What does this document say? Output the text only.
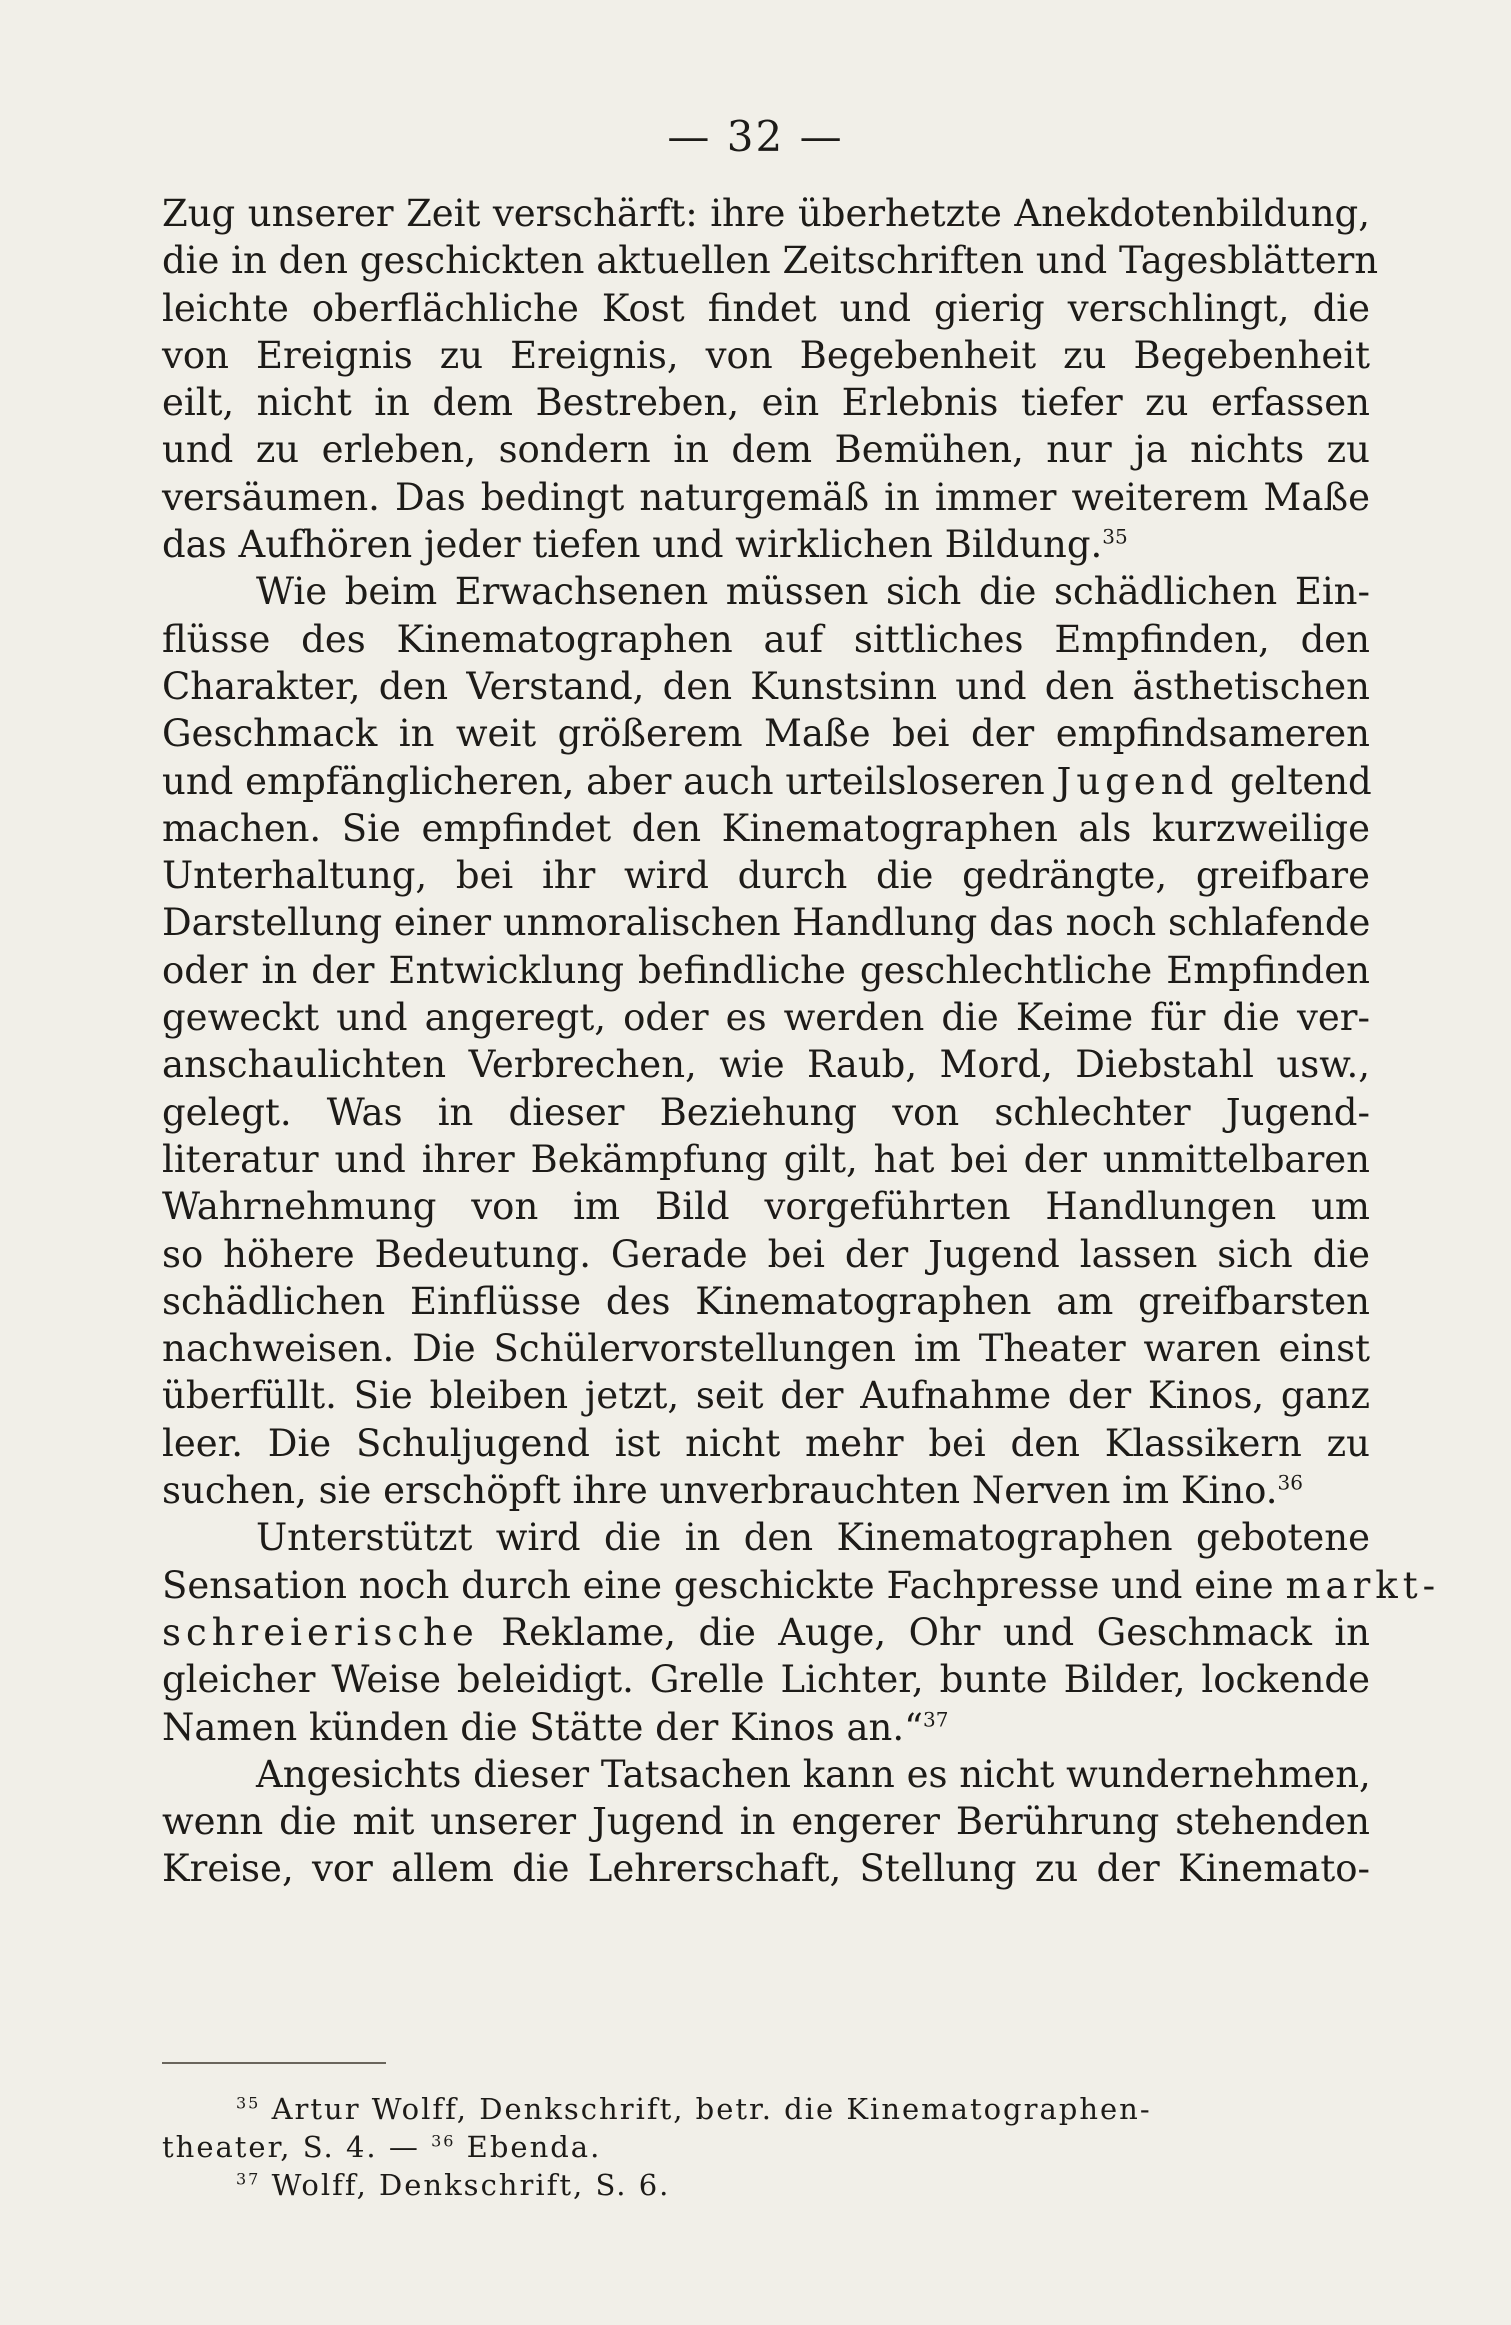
— 32 —
Zug unserer Zeit verschärft: ihre überhetzte Anekdotenbildung,
die in den geschickten aktuellen Zeitschriften und Tagesblättern
leichte oberflächliche Kost findet und gierig verschlingt, die
von Ereignis zu Ereignis, von Begebenheit zu Begebenheit
eilt, nicht in dem Bestreben, ein Erlebnis tiefer zu erfassen
und zu erleben, sondern in dem Bemühen, nur ja nichts zu
versäumen. Das bedingt naturgemäß in immer weiterem Maße
das Aufhören jeder tiefen und wirklichen Bildung.$^{35}$
Wie beim Erwachsenen müssen sich die schädlichen Ein-
flüsse des Kinematographen auf sittliches Empfinden, den
Charakter, den Verstand, den Kunstsinn und den ästhetischen
Geschmack in weit größerem Maße bei der empfindsameren
und empfänglicheren, aber auch urteilsloseren Jugend geltend
machen. Sie empfindet den Kinematographen als kurzweilige
Unterhaltung, bei ihr wird durch die gedrängte, greifbare
Darstellung einer unmoralischen Handlung das noch schlafende
oder in der Entwicklung befindliche geschlechtliche Empfinden
geweckt und angeregt, oder es werden die Keime für die ver-
anschaulichten Verbrechen, wie Raub, Mord, Diebstahl usw.,
gelegt. Was in dieser Beziehung von schlechter Jugend-
literatur und ihrer Bekämpfung gilt, hat bei der unmittelbaren
Wahrnehmung von im Bild vorgeführten Handlungen um
so höhere Bedeutung. Gerade bei der Jugend lassen sich die
schädlichen Einflüsse des Kinematographen am greifbarsten
nachweisen. Die Schülervorstellungen im Theater waren einst
überfüllt. Sie bleiben jetzt, seit der Aufnahme der Kinos, ganz
leer. Die Schuljugend ist nicht mehr bei den Klassikern zu
suchen, sie erschöpft ihre unverbrauchten Nerven im Kino.$^{36}$
Unterstützt wird die in den Kinematographen gebotene
Sensation noch durch eine geschickte Fachpresse und eine markt-
schreierische Reklame, die Auge, Ohr und Geschmack in
gleicher Weise beleidigt. Grelle Lichter, bunte Bilder, lockende
Namen künden die Stätte der Kinos an.“$^{37}$
Angesichts dieser Tatsachen kann es nicht wundernehmen,
wenn die mit unserer Jugend in engerer Berührung stehenden
Kreise, vor allem die Lehrerschaft, Stellung zu der Kinemato-
$^{35}$ Artur Wolff, Denkschrift, betr. die Kinematographen-
theater, S. 4. — $^{36}$ Ebenda.
$^{37}$ Wolff, Denkschrift, S. 6.
